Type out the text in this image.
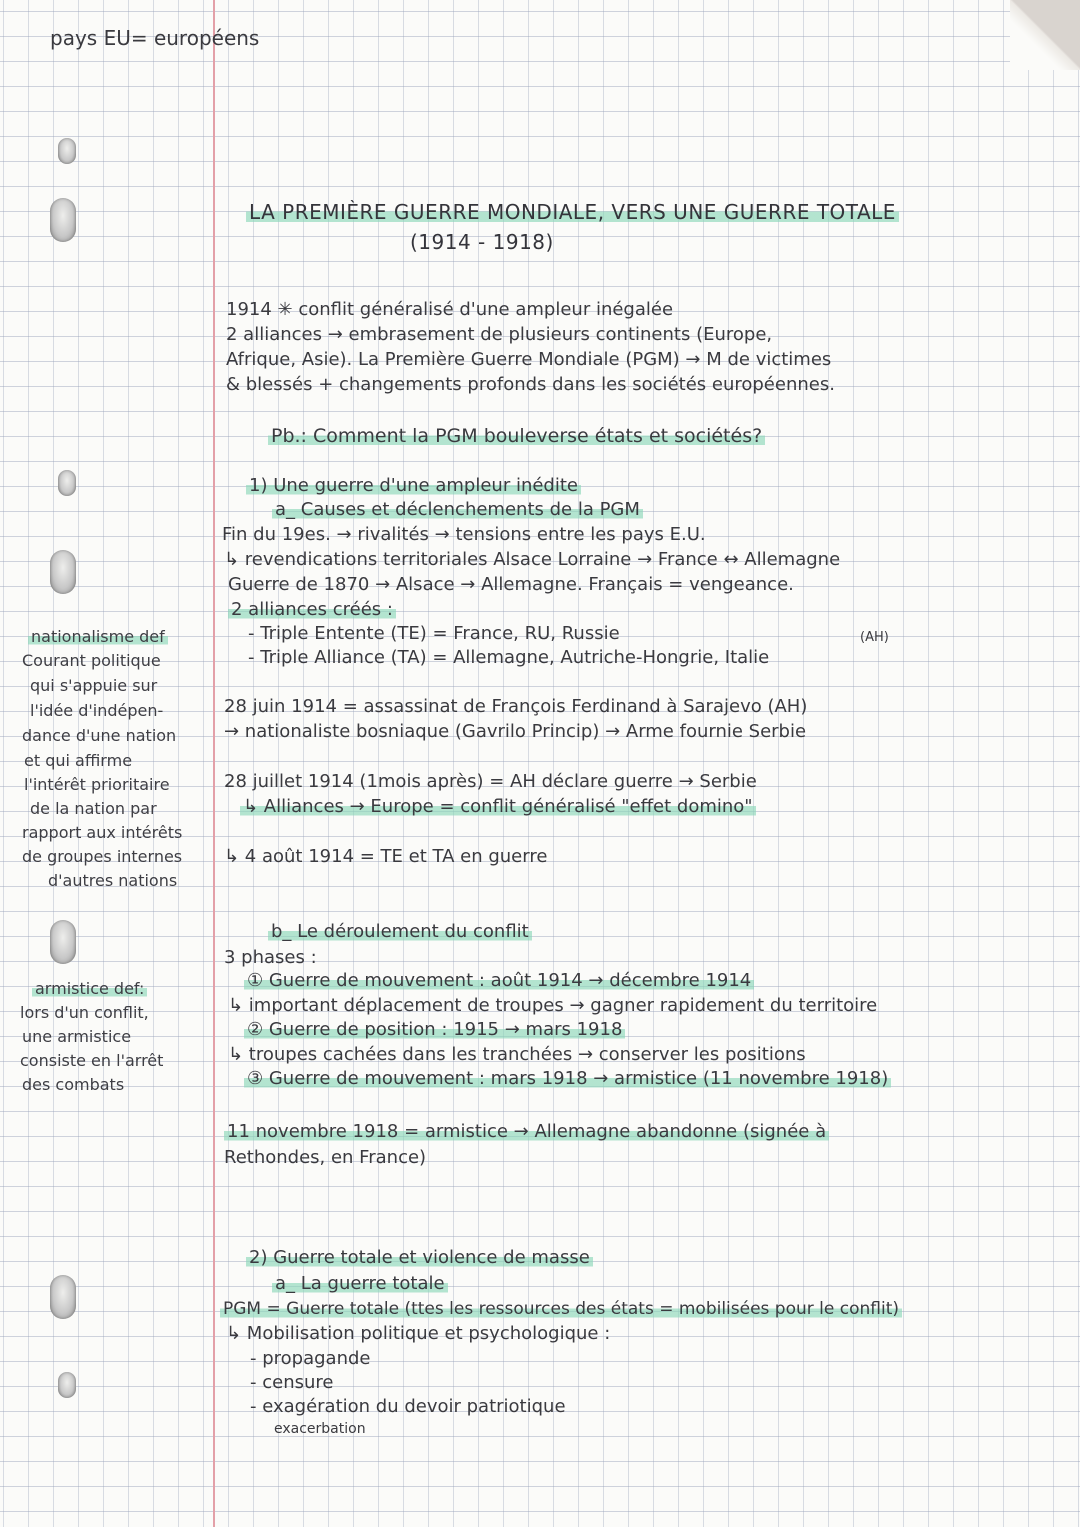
pays EU= européens
LA PREMIÈRE GUERRE MONDIALE, VERS UNE GUERRE TOTALE
(1914 - 1918)
1914 ✳ conflit généralisé d'une ampleur inégalée
2 alliances → embrasement de plusieurs continents (Europe,
Afrique, Asie). La Première Guerre Mondiale (PGM) → M de victimes
& blessés + changements profonds dans les sociétés européennes.
Pb.: Comment la PGM bouleverse états et sociétés?
1) Une guerre d'une ampleur inédite
a_ Causes et déclenchements de la PGM
Fin du 19es. → rivalités → tensions entre les pays E.U.
↳ revendications territoriales Alsace Lorraine → France ↔ Allemagne
Guerre de 1870 → Alsace → Allemagne. Français = vengeance.
2 alliances créés :
- Triple Entente (TE) = France, RU, Russie	(AH)
- Triple Alliance (TA) = Allemagne, Autriche-Hongrie, Italie
28 juin 1914 = assassinat de François Ferdinand à Sarajevo (AH)
→ nationaliste bosniaque (Gavrilo Princip) → Arme fournie Serbie
28 juillet 1914 (1mois après) = AH déclare guerre → Serbie
↳ Alliances → Europe = conflit généralisé "effet domino"
↳ 4 août 1914 = TE et TA en guerre
b_ Le déroulement du conflit
3 phases :
① Guerre de mouvement : août 1914 → décembre 1914
↳ important déplacement de troupes → gagner rapidement du territoire
② Guerre de position : 1915 → mars 1918
↳ troupes cachées dans les tranchées → conserver les positions
③ Guerre de mouvement : mars 1918 → armistice (11 novembre 1918)
11 novembre 1918 = armistice → Allemagne abandonne (signée à
Rethondes, en France)
2) Guerre totale et violence de masse
a_ La guerre totale
PGM = Guerre totale (ttes les ressources des états = mobilisées pour le conflit)
↳ Mobilisation politique et psychologique :
- propagande
- censure
- exagération du devoir patriotique
exacerbation
nationalisme def
Courant politique
qui s'appuie sur
l'idée d'indépen-
dance d'une nation
et qui affirme
l'intérêt prioritaire
de la nation par
rapport aux intérêts
de groupes internes
d'autres nations
armistice def:
lors d'un conflit,
une armistice
consiste en l'arrêt
des combats
